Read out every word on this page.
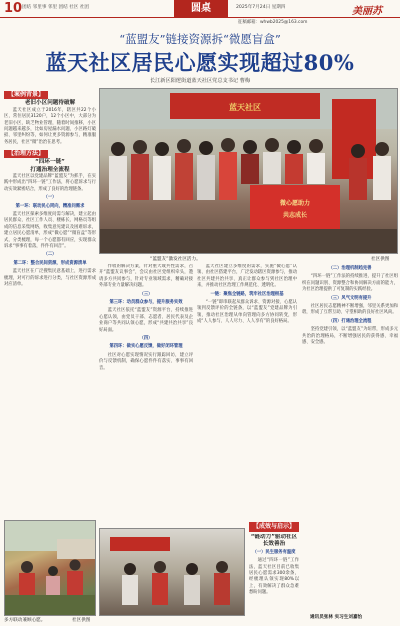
10 团结 邻里事 邻里 团结 社区 社团	圆桌	2025年7月24日 星期四	美丽苏
征稿邮箱：whwb2025@163.com
“蓝盟友”链接资源拆“微愿盲盒”
蓝天社区居民心愿实现超过80%
长江新区阳逻街道蓝天社区党总支书记 曹梅
【案例背景】
老旧小区问题待破解

蓝天社区成立于2016年，辖区共22个小区，常住居民3120户，12个小区中，大部分为老旧小区，缺乏物业管理，随着时间推移，小区问题越来越多，比如房屋漏水问题、小区路灯破损、邻里纠纷等，如何让更多资源参与，精准服务居民，社区“微”治治在思考。

【治理方法】
“四环一链”
打通治理全流程

蓝天社区以党建品牌“蓝盟友”为抓手，在实践中形成出“四环一链”工作法，将心愿诉求与行动实效紧密结合，形成了良好的治理链条。

（一）
第一环：联动民心同向，精准问需求

蓝天社区探索多维度问需与解决，建立起由居民群众、社区工作人员、楼栋长、网格员等组成的信息采集网络，收集意见建议及困难诉求，建立居民心愿清单，形成“微心愿”“微盲盒”等形式，分类梳理，每一个心愿都有回应，实现群众诉求“事事有着落，件件有回音”。

（二）
第二环：整合民间资源，形成资源清单

蓝天社区在广泛搜集民意基础上，进行需求梳理，对可行的诉求进行分类，与社区资源形成对应清单。

多方联动兼顾心愿。	社区供图
蓝天社区
微心愿助力
共志成长
“蓝盟友”激发社区活力。	社区供图

作收的解决方案，针对重大或共性需求，召开“蓝盟友议事会”，会议由社区党组织牵头，邀请多方共同参与，针对专业领域需求，精确对接外部专业力量解决问题。

（三）
第三环：动员群众参与，提升服务实效

蓝天社区依托“蓝盟友”资源平台，持续推进心愿认领，由党员干部、志愿者、居民代表及企业商户等共同认领心愿，形成“共建共治共享”良好局面。

（四）
第四环：做实心愿反馈，做好闭环管理

社区对心愿实现情况实行跟踪回访，建立评价与反馈机制，确保心愿件件有落实、事事有回音。

蓝天社区建立多维度的需求，实施“微心愿”认领、由社区搭建平台，广泛发动辖区资源参与，推动社区共建共治共享、真正让群众参与到社区治理中来，并推动社区治理工作规范化、透明化。

一链：聚焦全链路，筑牢社区治理根基

“一链”即串联起从群众诉求、资源对接、心愿认领到反馈评价的全链条，以“蓝盟友”党建品牌为引领，推动社区治理从单向管理向多方协同转变，形成“人人参与、人人尽力、人人享有”的良好格局。

【成效与启示】
“链动力”驱动社区
长效善治
（一）民生服务有温度

通过“四环一链”工作法，蓝天社区目前已收集居民心愿需求300余条，经梳理认领实现80%以上，有效解决了群众急难愁盼问题。

（二）治理机制趋完善

“四环一链”工作法的持续推进，提升了社区组织在问题识别、资源整合和协同解决方面的能力，为社区治理提供了可复制的实践经验。

（三）风气文明有提升

社区居民志愿精神不断增强，邻里关系更加和谐，形成了互帮互助、守望相助的良好社区风尚。

（四）打通治理全流程

坚持党建引领，以“蓝盟友”为纽带，形成多元共治的治理格局，不断增强居民的获得感、幸福感、安全感。

通讯员张林 实习生刘嘉怡
